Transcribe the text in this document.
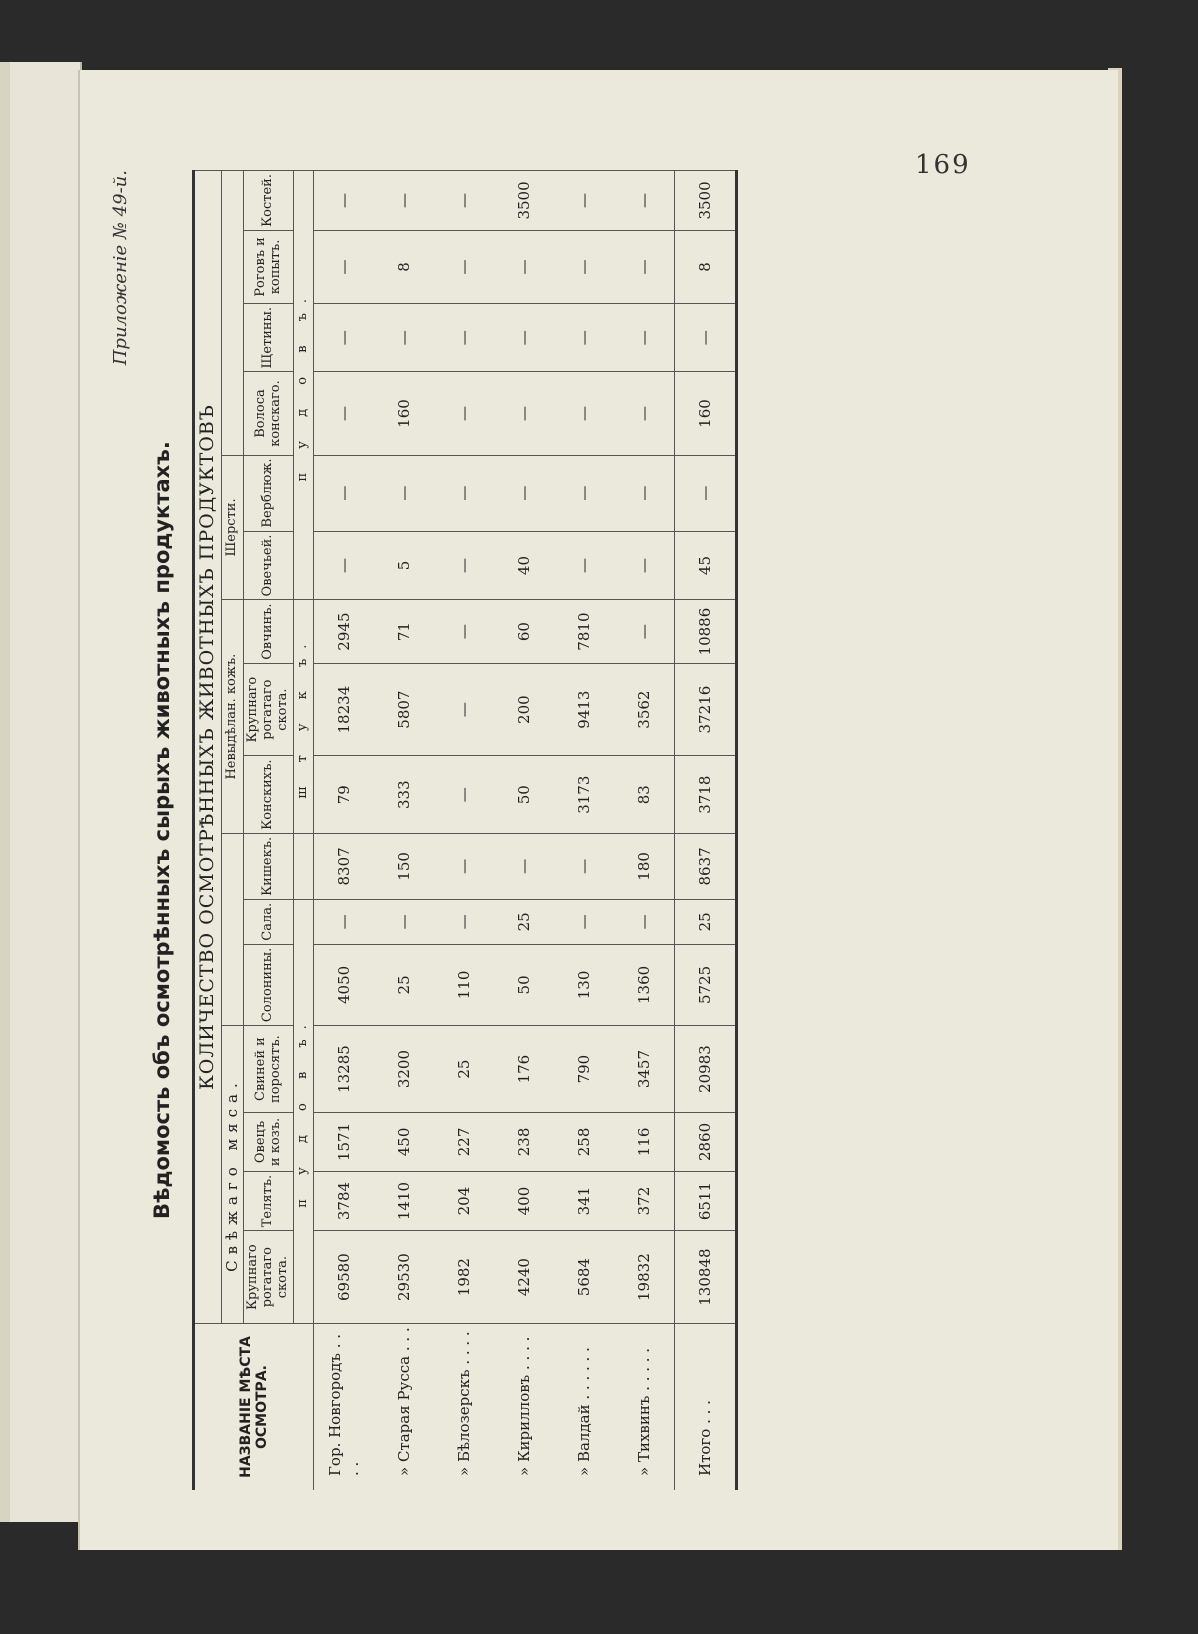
169
Вѣдомость объ осмотрѣнныхъ сырыхъ животныхъ продуктахъ.
Приложеніе № 49-й.
НАЗВАНІЕ МѢСТА ОСМОТРА.	КОЛИЧЕСТВО ОСМОТРѢННЫХЪ ЖИВОТНЫХЪ ПРОДУКТОВЪ															
	Свѣжаго мяса.							Невыдѣлан. кожъ.			Шерсти.					
	Крупнаго рогатаго скота.	Телятъ.	Овецъ и козъ.	Свиней и поросятъ.	Солонины.	Сала.	Кишекъ.	Конскихъ.	Крупнаго рогатаго скота.	Овчинъ.	Овечьей.	Верблюж.	Волоса конскаго.	Щетины.	Роговъ и копытъ.	Костей.
	п у д о в ъ.							ш т у к ъ.			п у д о в ъ.					
Гор. Новгородъ . . . .	69580	3784	1571	13285	4050	—	8307	79	18234	2945	—	—	—	—	—	—
» Старая Русса . . .	29530	1410	450	3200	25	—	150	333	5807	71	5	—	160	—	8	—
» Бѣлозерскъ . . . .	1982	204	227	25	110	—	—	—	—	—	—	—	—	—	—	—
» Кирилловъ . . . .	4240	400	238	176	50	25	—	50	200	60	40	—	—	—	—	3500
» Валдай . . . . . .	5684	341	258	790	130	—	—	3173	9413	7810	—	—	—	—	—	—
» Тихвинъ . . . . .	19832	372	116	3457	1360	—	180	83	3562	—	—	—	—	—	—	—
Итого . . .	130848	6511	2860	20983	5725	25	8637	3718	37216	10886	45	—	160	—	8	3500
